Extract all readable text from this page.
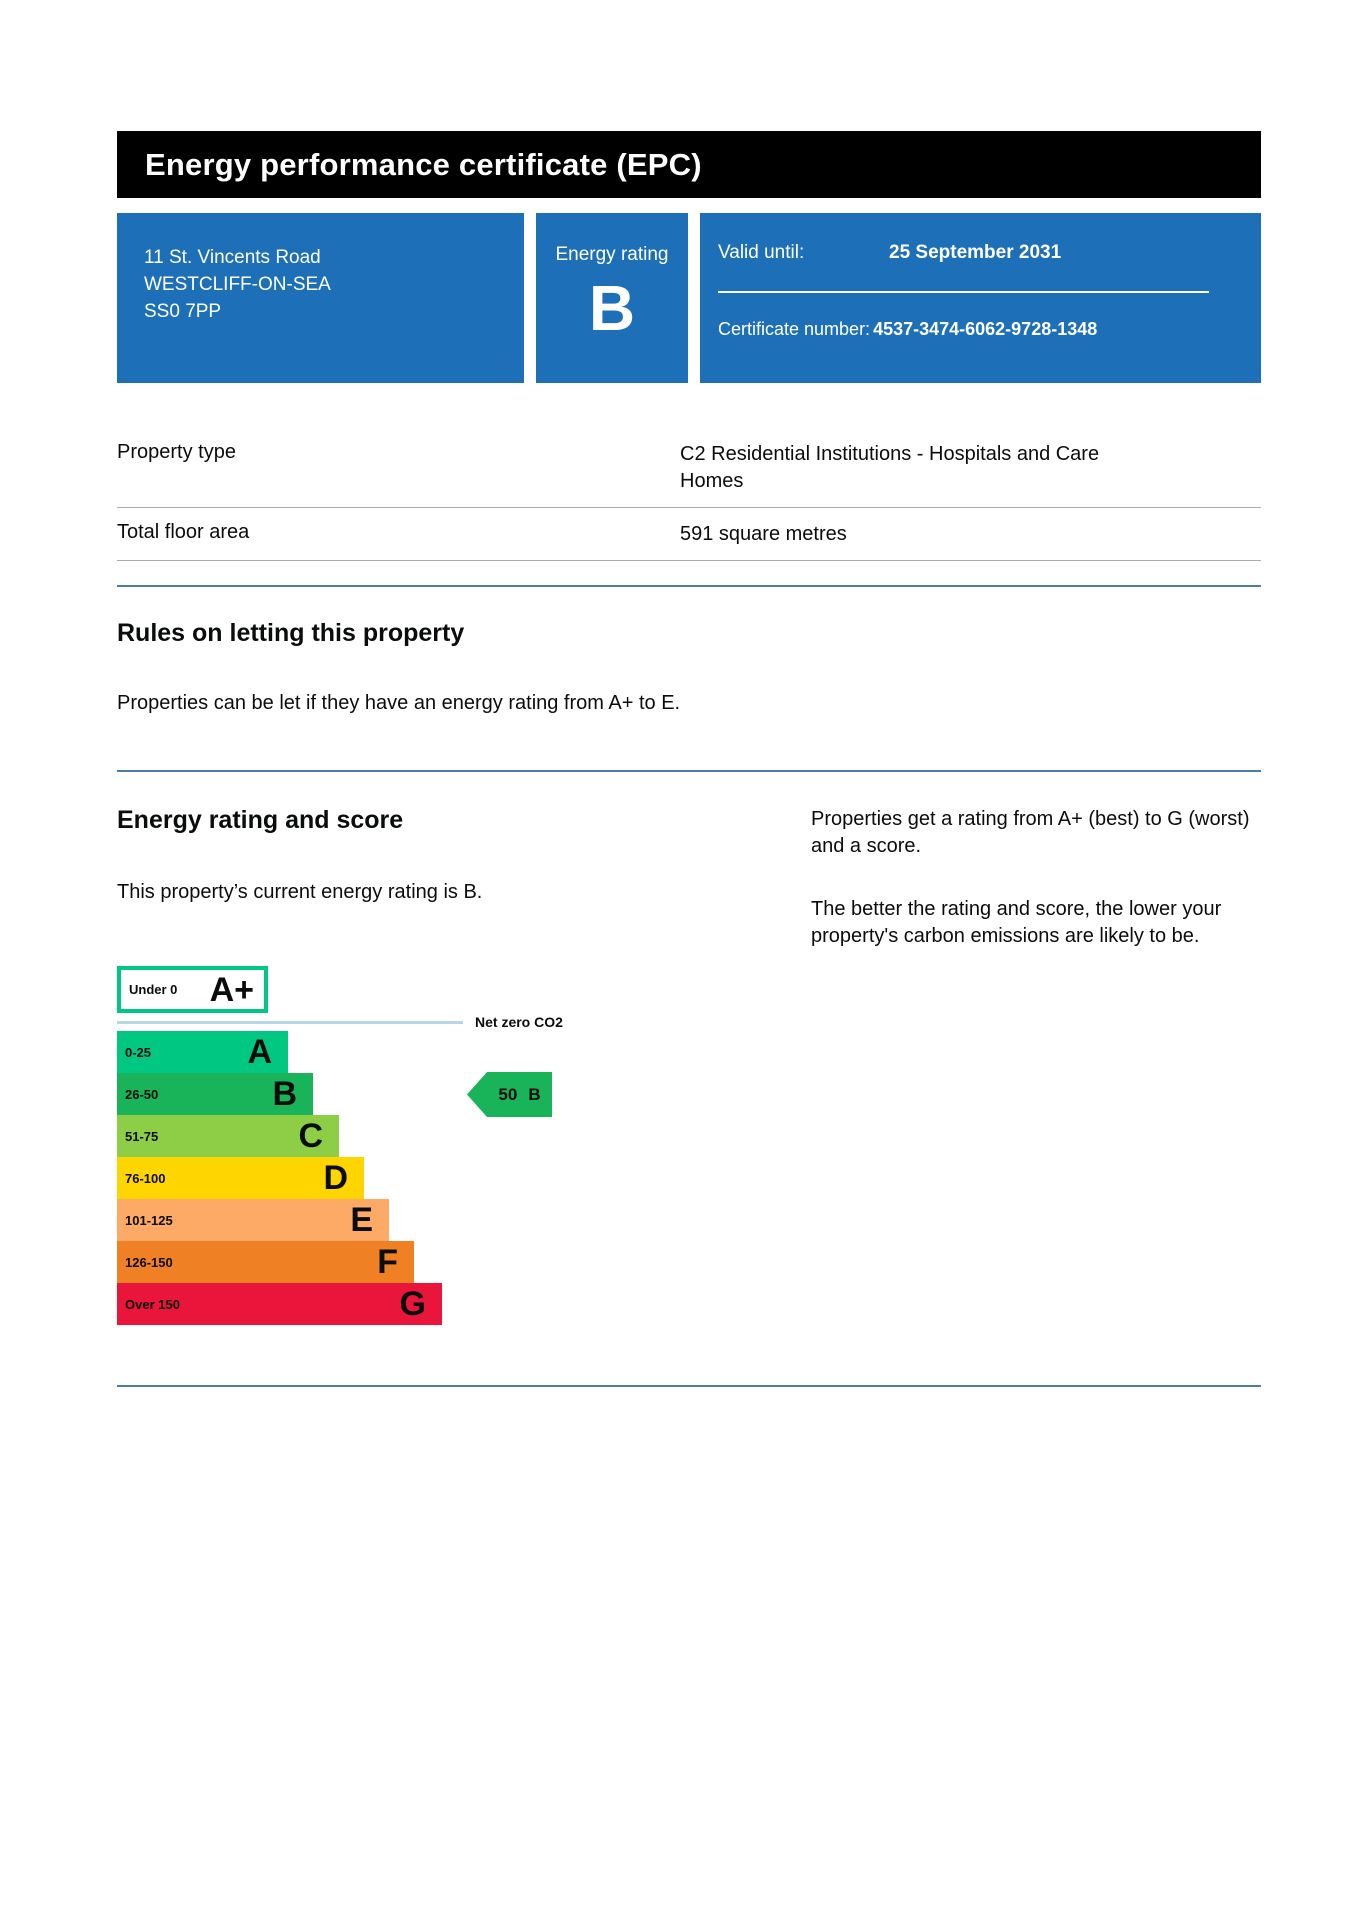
Energy performance certificate (EPC)
11 St. Vincents Road
WESTCLIFF-ON-SEA
SS0 7PP
Energy rating
B
Valid until:	25 September 2031
Certificate number: 4537-3474-6062-9728-1348
Property type	C2 Residential Institutions - Hospitals and Care Homes
Total floor area	591 square metres
Rules on letting this property

Properties can be let if they have an energy rating from A+ to E.

Energy rating and score

This property’s current energy rating is B.

Under 0 A+
Net zero CO2
0-25	A
26-50	B
51-75	C
76-100	D
101-125	E
126-150	F
Over 150	G
50 B

Properties get a rating from A+ (best) to G (worst) and a score.

The better the rating and score, the lower your property's carbon emissions are likely to be.
